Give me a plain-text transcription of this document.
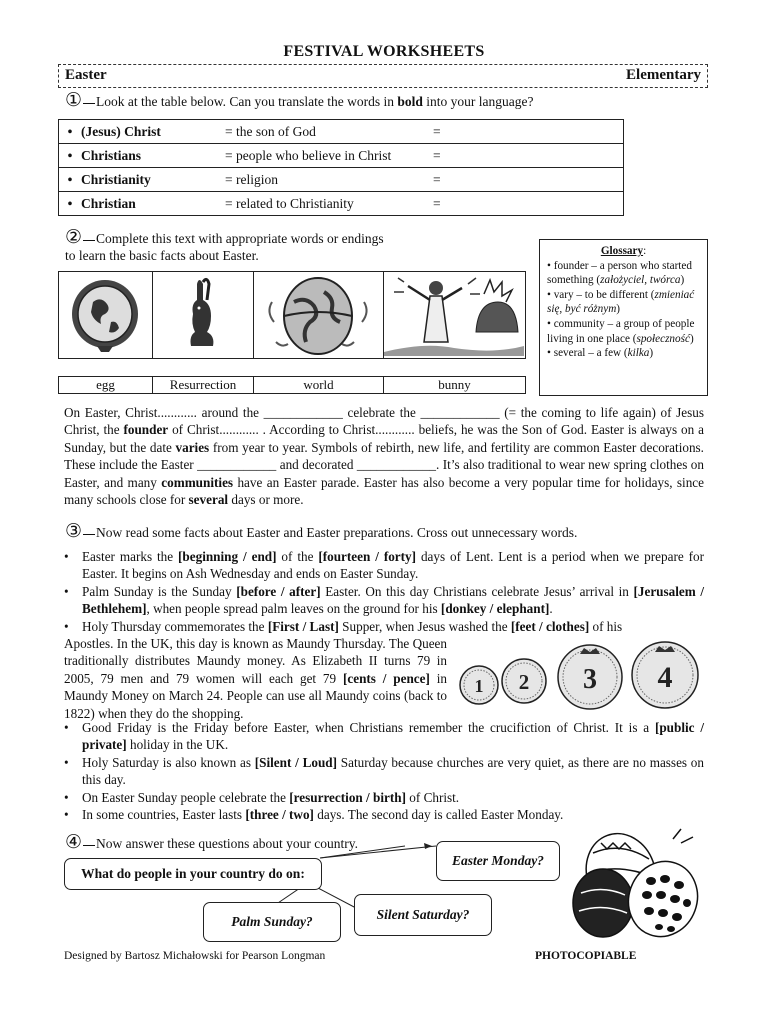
FESTIVAL WORKSHEETS
Easter	Elementary
① Look at the table below. Can you translate the words in bold into your language?
• (Jesus) Christ	= the son of God	=
• Christians	= people who believe in Christ	=
• Christianity	= religion	=
• Christian	= related to Christianity	=
② Complete this text with appropriate words or endings
to learn the basic facts about Easter.	Glossary:
• founder – a person who started something (założyciel, twórca)
• vary – to be different (zmieniać się, być różnym)
• community – a group of people living in one place (społeczność)
• several – a few (kilka)
egg	Resurrection	world	bunny
On Easter, Christ............ around the ____________ celebrate the ____________ (= the coming to life again) of Jesus Christ, the founder of Christ............ . According to Christ............ beliefs, he was the Son of God. Easter is always on a Sunday, but the date varies from year to year. Symbols of rebirth, new life, and fertility are common Easter decorations. These include the Easter ____________ and decorated ____________. It’s also traditional to wear new spring clothes on Easter, and many communities have an Easter parade. Easter has also become a very popular time for holidays, since many schools close for several days or more.
③ Now read some facts about Easter and Easter preparations. Cross out unnecessary words.
• Easter marks the [beginning / end] of the [fourteen / forty] days of Lent. Lent is a period when we prepare for Easter. It begins on Ash Wednesday and ends on Easter Sunday.
• Palm Sunday is the Sunday [before / after] Easter. On this day Christians celebrate Jesus’ arrival in [Jerusalem / Bethlehem], when people spread palm leaves on the ground for his [donkey / elephant].
• Holy Thursday commemorates the [First / Last] Supper, when Jesus washed the [feet / clothes] of his
Apostles. In the UK, this day is known as Maundy Thursday. The Queen traditionally distributes Maundy money. As Elizabeth II turns 79 in 2005, 79 men and 79 women will each get 79 [cents / pence] in Maundy Money on March 24. People can use all Maundy coins (back to 1822) when they do the shopping.
1 2 3 4
• Good Friday is the Friday before Easter, when Christians remember the crucifiction of Christ. It is a [public / private] holiday in the UK.
• Holy Saturday is also known as [Silent / Loud] Saturday because churches are very quiet, as there are no masses on this day.
• On Easter Sunday people celebrate the [resurrection / birth] of Christ.
• In some countries, Easter lasts [three / two] days. The second day is called Easter Monday.
④ Now answer these questions about your country.
What do people in your country do on:
Easter Monday?
Palm Sunday?	Silent Saturday?
Designed by Bartosz Michałowski for Pearson Longman	PHOTOCOPIABLE
